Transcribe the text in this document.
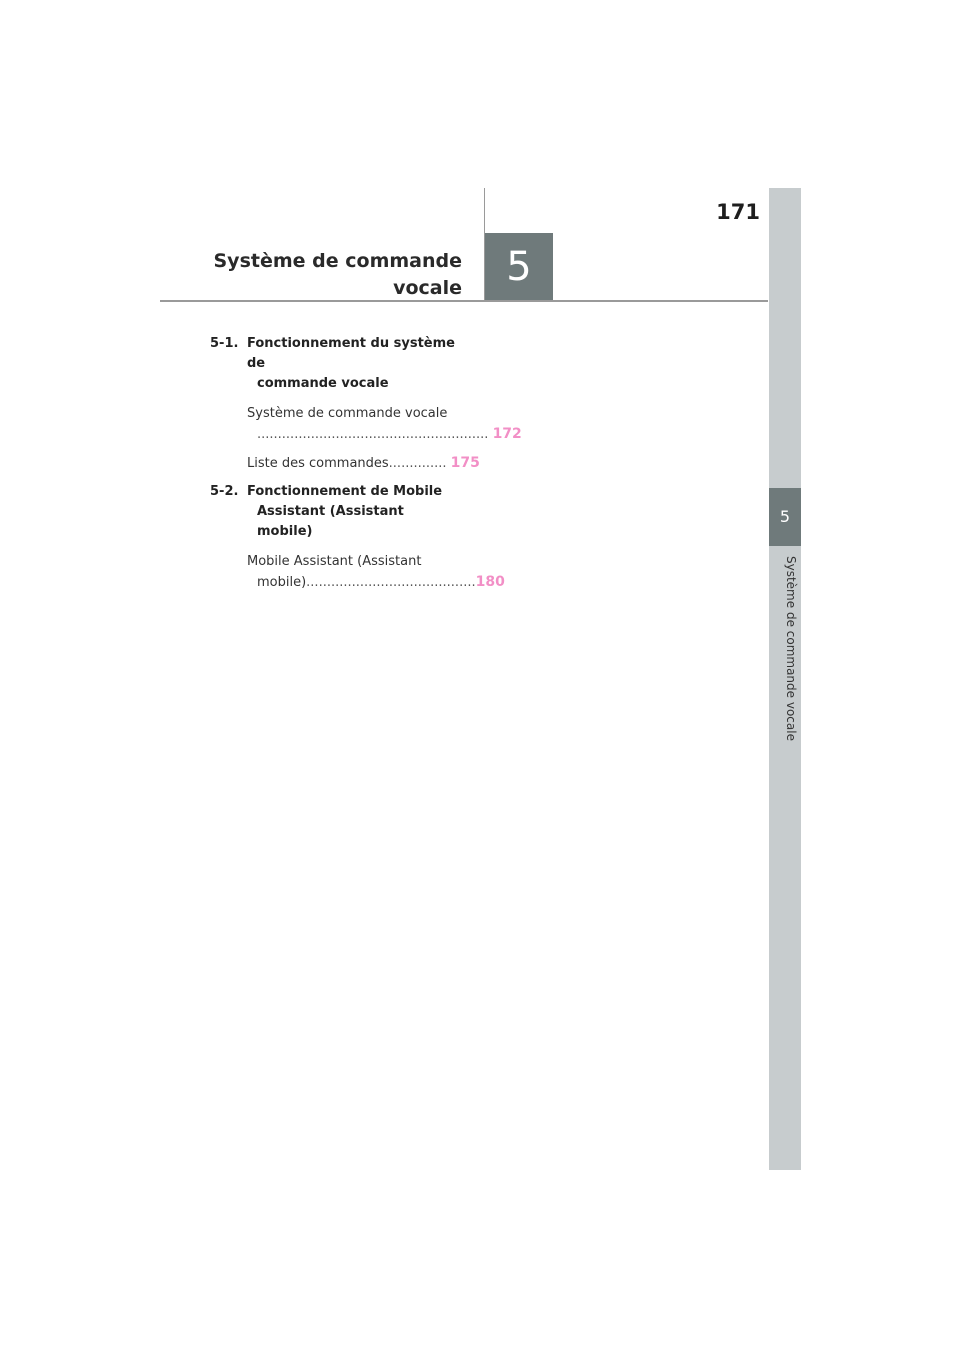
171
Système de commande
vocale	5
5
Système de commande vocale
5-1. Fonctionnement du système de
commande vocale
Système de commande vocale
........................................................ 172
Liste des commandes.............. 175
5-2. Fonctionnement de Mobile
Assistant (Assistant mobile)
Mobile Assistant (Assistant
mobile).........................................180
